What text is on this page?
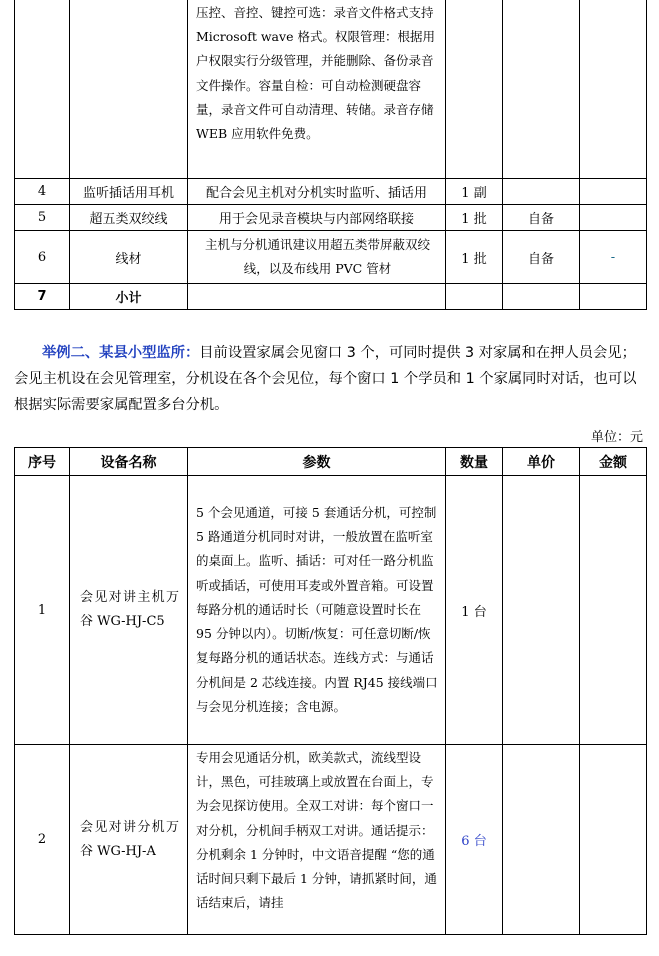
		压控、音控、键控可选：录音文件格式支持 Microsoft wave 格式。权限管理：根据用户权限实行分级管理，并能删除、备份录音文件操作。容量自检：可自动检测硬盘容量，录音文件可自动清理、转储。录音存储 WEB 应用软件免费。			
4	监听插话用耳机	配合会见主机对分机实时监听、插话用	1 副		
5	超五类双绞线	用于会见录音模块与内部网络联接	1 批	自备	
6	线材	主机与分机通讯建议用超五类带屏蔽双绞线，以及布线用 PVC 管材	1 批	自备	-
7	小计				
举例二、某县小型监所：目前设置家属会见窗口 3 个，可同时提供 3 对家属和在押人员会见；会见主机设在会见管理室，分机设在各个会见位，每个窗口 1 个学员和 1 个家属同时对话，也可以根据实际需要家属配置多台分机。
单位：元
序号	设备名称	参数	数量	单价	金额
1	会见对讲主机万谷 WG-HJ-C5	5 个会见通道，可接 5 套通话分机，可控制 5 路通道分机同时对讲，一般放置在监听室的桌面上。监听、插话：可对任一路分机监听或插话，可使用耳麦或外置音箱。可设置每路分机的通话时长（可随意设置时长在 95 分钟以内）。切断/恢复：可任意切断/恢复每路分机的通话状态。连线方式：与通话分机间是 2 芯线连接。内置 RJ45 接线端口与会见分机连接；含电源。	1 台		
2	会见对讲分机万谷 WG-HJ-A	专用会见通话分机，欧美款式，流线型设计，黑色，可挂玻璃上或放置在台面上，专为会见探访使用。全双工对讲：每个窗口一对分机，分机间手柄双工对讲。通话提示：分机剩余 1 分钟时，中文语音提醒 “您的通话时间只剩下最后 1 分钟，请抓紧时间，通话结束后，请挂	6 台		
